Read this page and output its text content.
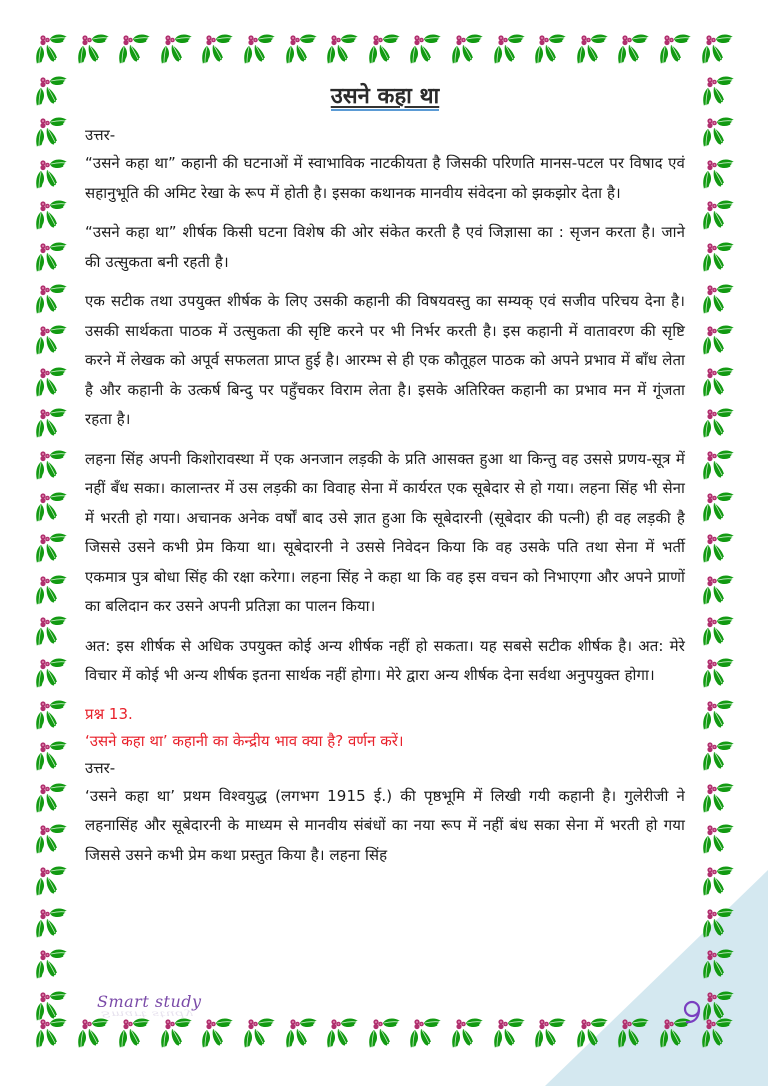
उसने कहा था

उत्तर-

“उसने कहा था” कहानी की घटनाओं में स्वाभाविक नाटकीयता है जिसकी परिणति मानस-पटल पर विषाद एवं सहानुभूति की अमिट रेखा के रूप में होती है। इसका कथानक मानवीय संवेदना को झकझोर देता है।

“उसने कहा था” शीर्षक किसी घटना विशेष की ओर संकेत करती है एवं जिज्ञासा का : सृजन करता है। जाने की उत्सुकता बनी रहती है।

एक सटीक तथा उपयुक्त शीर्षक के लिए उसकी कहानी की विषयवस्तु का सम्यक् एवं सजीव परिचय देना है। उसकी सार्थकता पाठक में उत्सुकता की सृष्टि करने पर भी निर्भर करती है। इस कहानी में वातावरण की सृष्टि करने में लेखक को अपूर्व सफलता प्राप्त हुई है। आरम्भ से ही एक कौतूहल पाठक को अपने प्रभाव में बाँध लेता है और कहानी के उत्कर्ष बिन्दु पर पहुँचकर विराम लेता है। इसके अतिरिक्त कहानी का प्रभाव मन में गूंजता रहता है।

लहना सिंह अपनी किशोरावस्था में एक अनजान लड़की के प्रति आसक्त हुआ था किन्तु वह उससे प्रणय-सूत्र में नहीं बँध सका। कालान्तर में उस लड़की का विवाह सेना में कार्यरत एक सूबेदार से हो गया। लहना सिंह भी सेना में भरती हो गया। अचानक अनेक वर्षों बाद उसे ज्ञात हुआ कि सूबेदारनी (सूबेदार की पत्नी) ही वह लड़की है जिससे उसने कभी प्रेम किया था। सूबेदारनी ने उससे निवेदन किया कि वह उसके पति तथा सेना में भर्ती एकमात्र पुत्र बोधा सिंह की रक्षा करेगा। लहना सिंह ने कहा था कि वह इस वचन को निभाएगा और अपने प्राणों का बलिदान कर उसने अपनी प्रतिज्ञा का पालन किया।

अत: इस शीर्षक से अधिक उपयुक्त कोई अन्य शीर्षक नहीं हो सकता। यह सबसे सटीक शीर्षक है। अत: मेरे विचार में कोई भी अन्य शीर्षक इतना सार्थक नहीं होगा। मेरे द्वारा अन्य शीर्षक देना सर्वथा अनुपयुक्त होगा।

प्रश्न 13.

‘उसने कहा था’ कहानी का केन्द्रीय भाव क्या है? वर्णन करें।

उत्तर-

‘उसने कहा था’ प्रथम विश्वयुद्ध (लगभग 1915 ई.) की पृष्ठभूमि में लिखी गयी कहानी है। गुलेरीजी ने लहनासिंह और सूबेदारनी के माध्यम से मानवीय संबंधों का नया रूप में नहीं बंध सका सेना में भरती हो गया जिससे उसने कभी प्रेम कथा प्रस्तुत किया है। लहना सिंह

Smart study
Smart study
